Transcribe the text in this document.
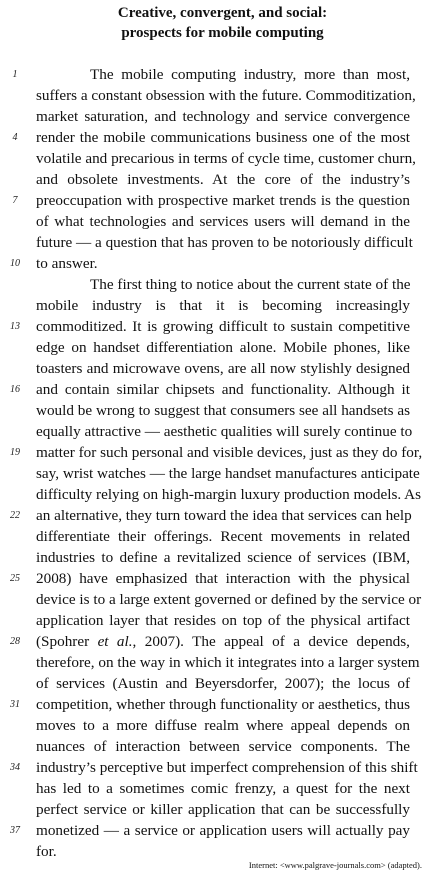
Creative, convergent, and social:
prospects for mobile computing
1
4
7
10
13
16
19
22
25
28
31
34
37
The mobile computing industry, more than most,
suffers a constant obsession with the future. Commoditization,
market saturation, and technology and service convergence
render the mobile communications business one of the most
volatile and precarious in terms of cycle time, customer churn,
and obsolete investments. At the core of the industry’s
preoccupation with prospective market trends is the question
of what technologies and services users will demand in the
future — a question that has proven to be notoriously difficult
to answer.
The first thing to notice about the current state of the
mobile industry is that it is becoming increasingly
commoditized. It is growing difficult to sustain competitive
edge on handset differentiation alone. Mobile phones, like
toasters and microwave ovens, are all now stylishly designed
and contain similar chipsets and functionality. Although it
would be wrong to suggest that consumers see all handsets as
equally attractive — aesthetic qualities will surely continue to
matter for such personal and visible devices, just as they do for,
say, wrist watches — the large handset manufactures anticipate
difficulty relying on high-margin luxury production models. As
an alternative, they turn toward the idea that services can help
differentiate their offerings. Recent movements in related
industries to define a revitalized science of services (IBM,
2008) have emphasized that interaction with the physical
device is to a large extent governed or defined by the service or
application layer that resides on top of the physical artifact
(Spohrer et al., 2007). The appeal of a device depends,
therefore, on the way in which it integrates into a larger system
of services (Austin and Beyersdorfer, 2007); the locus of
competition, whether through functionality or aesthetics, thus
moves to a more diffuse realm where appeal depends on
nuances of interaction between service components. The
industry’s perceptive but imperfect comprehension of this shift
has led to a sometimes comic frenzy, a quest for the next
perfect service or killer application that can be successfully
monetized — a service or application users will actually pay
for.
Internet: <www.palgrave-journals.com> (adapted).
